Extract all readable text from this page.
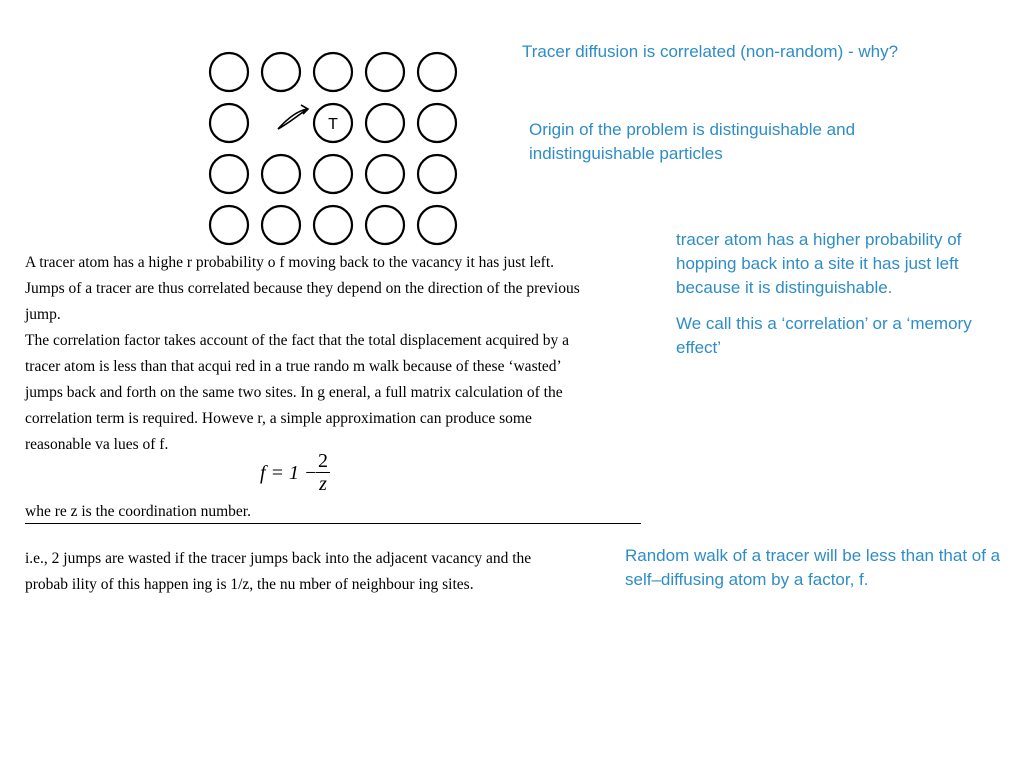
Tracer diffusion is correlated (non-random) - why?
Origin of the problem is distinguishable and indistinguishable particles
T

tracer atom has a higher probability of hopping back into a site it has just left because it is distinguishable.

We call this a ‘correlation’ or a ‘memory effect’

A tracer atom has a highe r probability o f moving back to the vacancy it has just left.
Jumps of a tracer are thus correlated because they depend on the direction of the previous
jump.
The correlation factor takes account of the fact that the total displacement acquired by a
tracer atom is less than that acqui red in a true rando m walk because of these ‘wasted’
jumps back and forth on the same two sites. In g eneral, a full matrix calculation of the
correlation term is required. Howeve r, a simple approximation can produce some
reasonable va lues of f.
f = 1 −
2
z
whe re z is the coordination number.
i.e., 2 jumps are wasted if the tracer jumps back into the adjacent vacancy and the
probab ility of this happen ing is 1/z, the nu mber of neighbour ing sites.
Random walk of a tracer will be less than that of a self–diffusing atom by a factor, f.
